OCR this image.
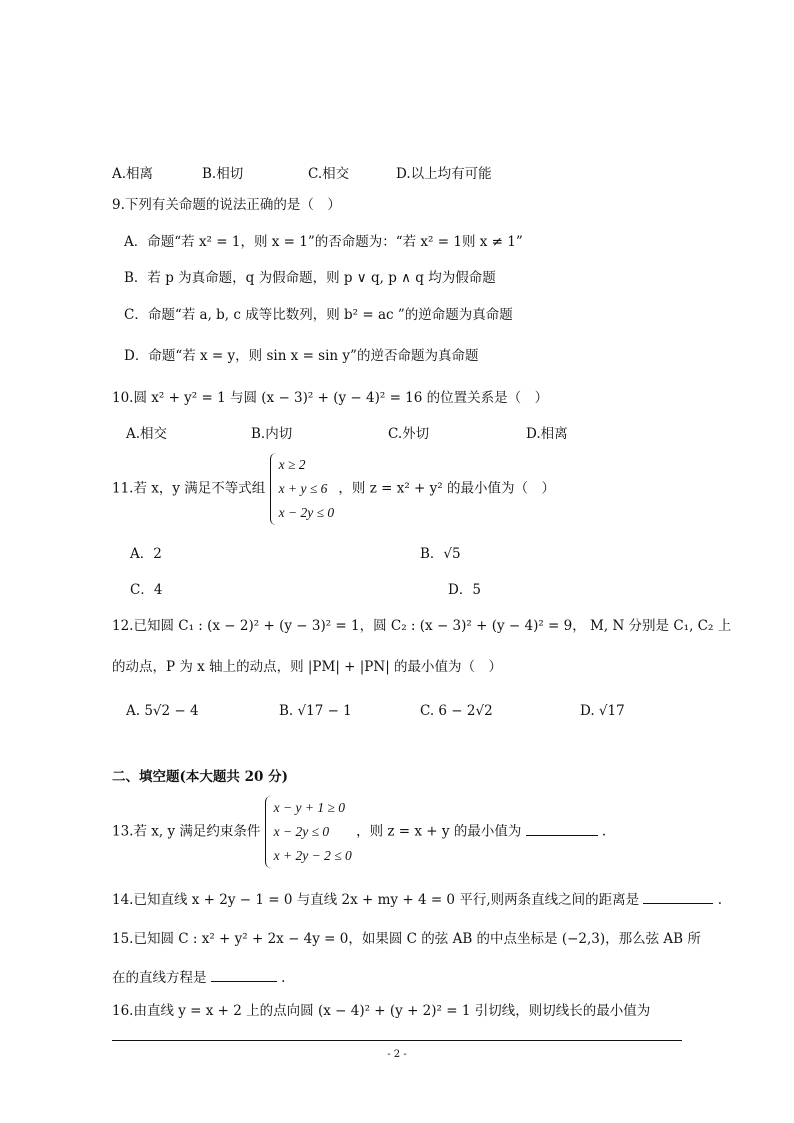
A.相离	B.相切	C.相交	D.以上均有可能
9.下列有关命题的说法正确的是（　）
A．命题“若 x² = 1，则 x = 1”的否命题为：“若 x² = 1则 x ≠ 1”
B．若 p 为真命题，q 为假命题，则 p ∨ q, p ∧ q 均为假命题
C．命题“若 a, b, c 成等比数列，则 b² = ac ”的逆命题为真命题
D．命题“若 x = y，则 sin x = sin y”的逆否命题为真命题
10.圆 x² + y² = 1 与圆 (x − 3)² + (y − 4)² = 16 的位置关系是（　）
A.相交	B.内切	C.外切	D.相离
11.若 x，y 满足不等式组
x ≥ 2
x + y ≤ 6
x − 2y ≤ 0
，则 z = x² + y² 的最小值为（　）
A．2	B．√5
C．4	D．5
12.已知圆 C₁ : (x − 2)² + (y − 3)² = 1，圆 C₂ : (x − 3)² + (y − 4)² = 9， M, N 分别是 C₁, C₂ 上
的动点，P 为 x 轴上的动点，则 |PM| + |PN| 的最小值为（　）
A. 5√2 − 4	B. √17 − 1	C. 6 − 2√2	D. √17
二、填空题(本大题共 20 分)
13.若 x, y 满足约束条件
x − y + 1 ≥ 0
x − 2y ≤ 0
x + 2y − 2 ≤ 0
，则 z = x + y 的最小值为	.
14.已知直线 x + 2y − 1 = 0 与直线 2x + my + 4 = 0 平行,则两条直线之间的距离是	.
15.已知圆 C : x² + y² + 2x − 4y = 0，如果圆 C 的弦 AB 的中点坐标是 (−2,3)，那么弦 AB 所
在的直线方程是	.
16.由直线 y = x + 2 上的点向圆 (x − 4)² + (y + 2)² = 1 引切线，则切线长的最小值为
- 2 -
